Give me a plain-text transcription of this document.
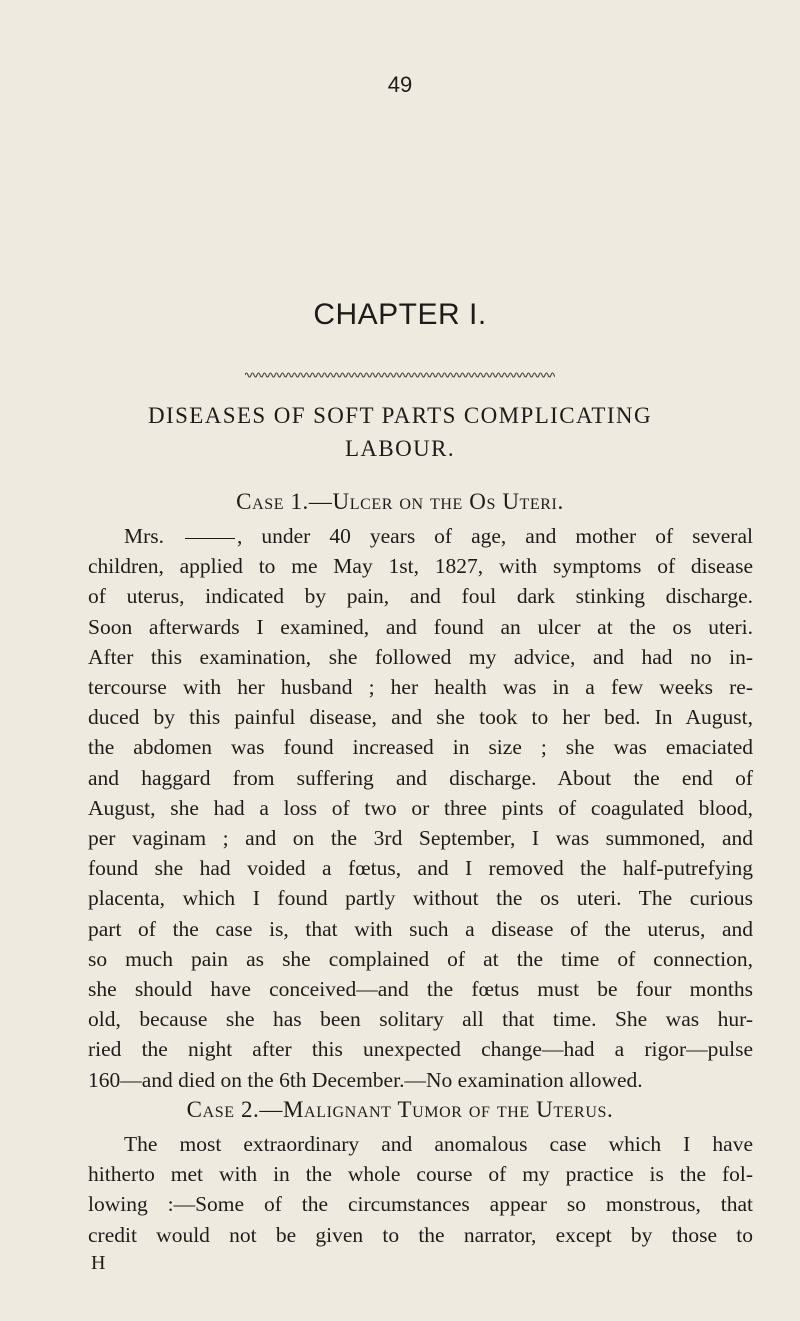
49
CHAPTER I.
DISEASES OF SOFT PARTS COMPLICATING
LABOUR.
Case 1.—Ulcer on the Os Uteri.
Mrs.	, under 40 years of age, and mother of several
children, applied to me May 1st, 1827, with symptoms of disease
of uterus, indicated by pain, and foul dark stinking discharge.
Soon afterwards I examined, and found an ulcer at the os uteri.
After this examination, she followed my advice, and had no in-
tercourse with her husband ; her health was in a few weeks re-
duced by this painful disease, and she took to her bed. In August,
the abdomen was found increased in size ; she was emaciated
and haggard from suffering and discharge. About the end of
August, she had a loss of two or three pints of coagulated blood,
per vaginam ; and on the 3rd September, I was summoned, and
found she had voided a fœtus, and I removed the half-putrefying
placenta, which I found partly without the os uteri. The curious
part of the case is, that with such a disease of the uterus, and
so much pain as she complained of at the time of connection,
she should have conceived—and the fœtus must be four months
old, because she has been solitary all that time. She was hur-
ried the night after this unexpected change—had a rigor—pulse
160—and died on the 6th December.—No examination allowed.
Case 2.—Malignant Tumor of the Uterus.
The most extraordinary and anomalous case which I have
hitherto met with in the whole course of my practice is the fol-
lowing :—Some of the circumstances appear so monstrous, that
credit would not be given to the narrator, except by those to
H
